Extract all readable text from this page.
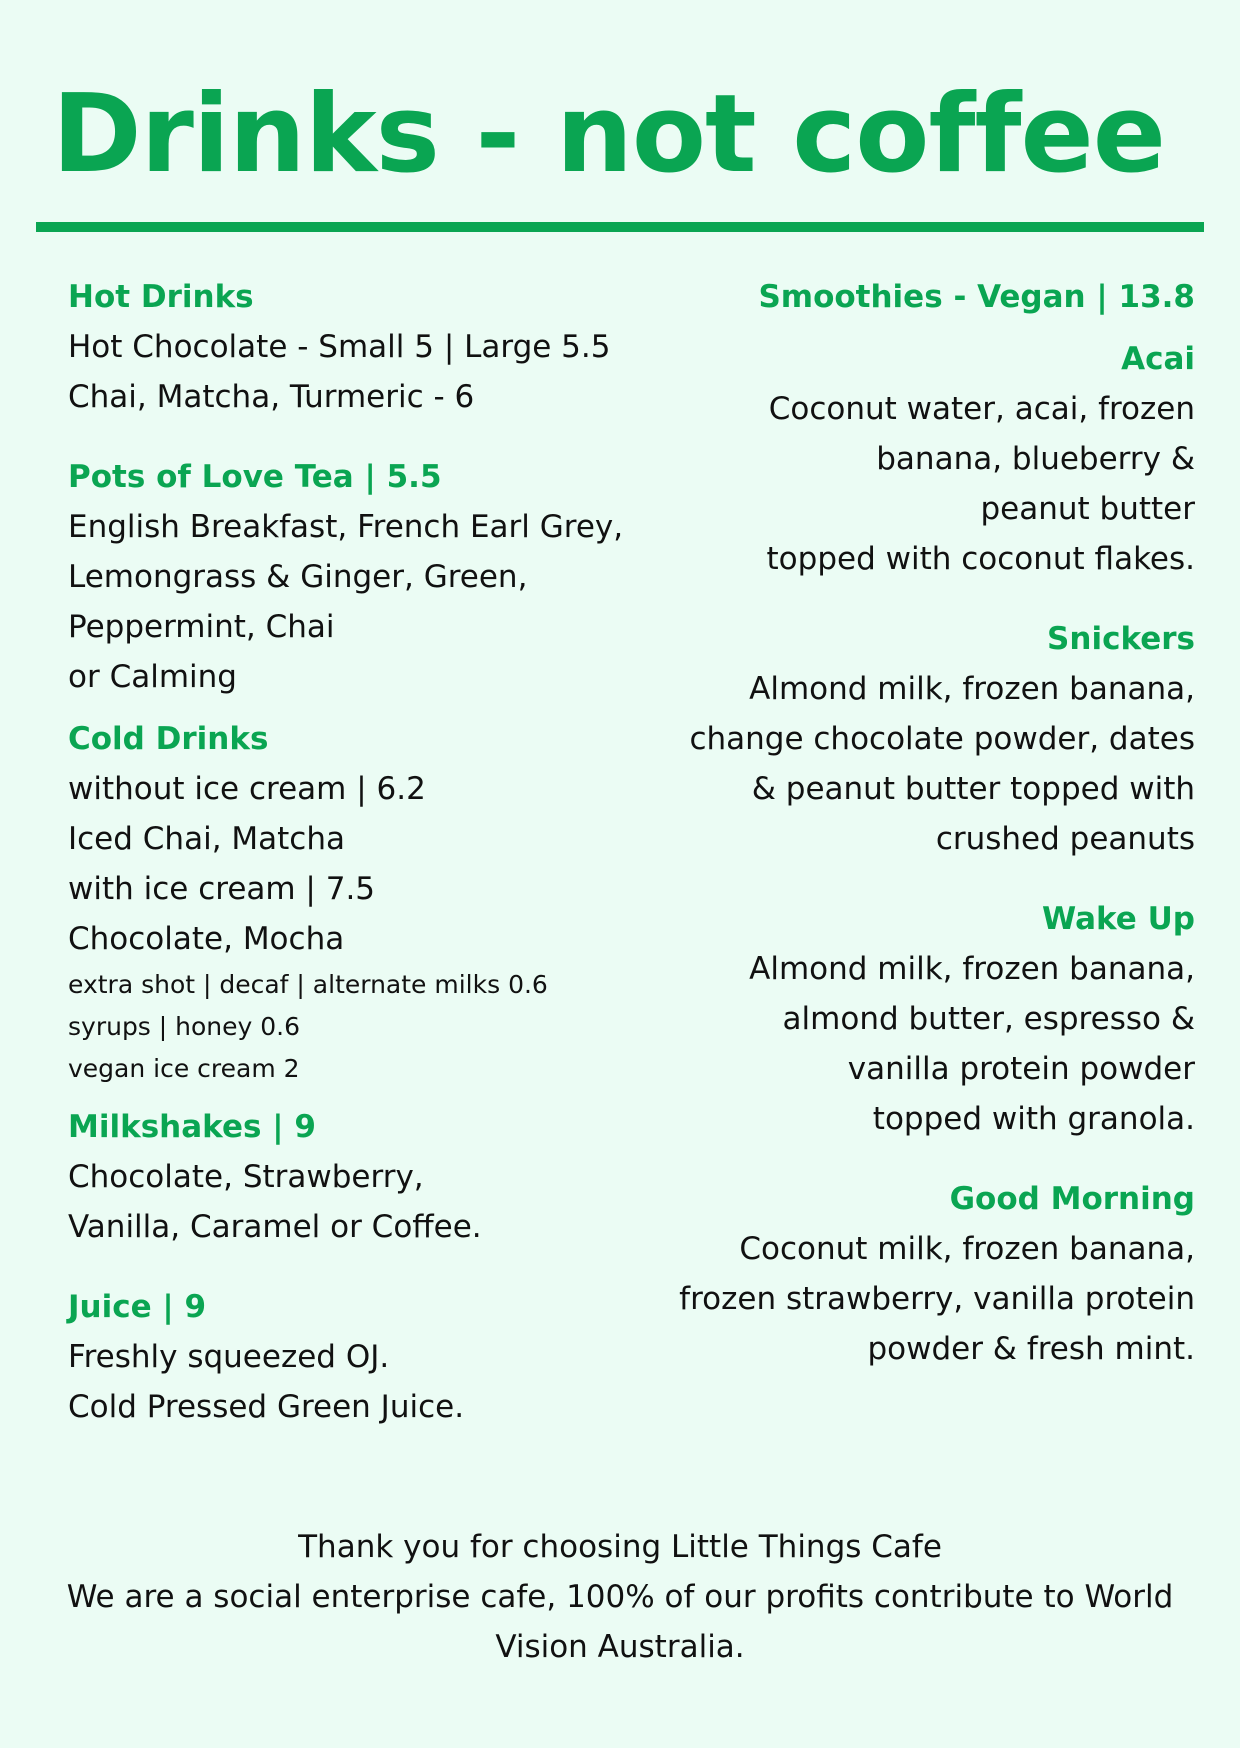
Drinks - not coffee
Hot Drinks
Hot Chocolate - Small 5 | Large 5.5
Chai, Matcha, Turmeric - 6
Pots of Love Tea | 5.5
English Breakfast, French Earl Grey,
Lemongrass & Ginger, Green,
Peppermint, Chai
or Calming
Cold Drinks
without ice cream | 6.2
Iced Chai, Matcha
with ice cream | 7.5
Chocolate, Mocha
extra shot | decaf | alternate milks 0.6
syrups | honey 0.6
vegan ice cream 2
Milkshakes | 9
Chocolate, Strawberry,
Vanilla, Caramel or Coffee.
Juice | 9
Freshly squeezed OJ.
Cold Pressed Green Juice.
Smoothies - Vegan | 13.8
Acai
Coconut water, acai, frozen
banana, blueberry &
peanut butter
topped with coconut flakes.
Snickers
Almond milk, frozen banana,
change chocolate powder, dates
& peanut butter topped with
crushed peanuts
Wake Up
Almond milk, frozen banana,
almond butter, espresso &
vanilla protein powder
topped with granola.
Good Morning
Coconut milk, frozen banana,
frozen strawberry, vanilla protein
powder & fresh mint.
Thank you for choosing Little Things Cafe
We are a social enterprise cafe, 100% of our profits contribute to World
Vision Australia.
